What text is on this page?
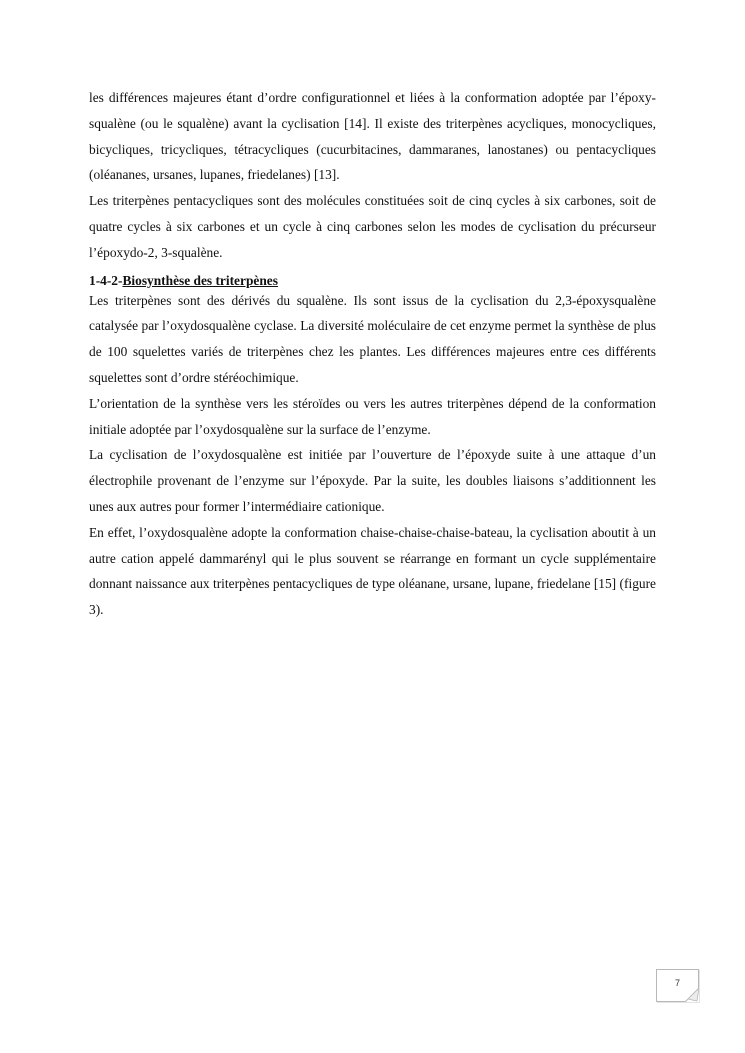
les différences majeures étant d’ordre configurationnel et liées à la conformation adoptée par l’époxy-squalène (ou le squalène) avant la cyclisation [14]. Il existe des triterpènes acycliques, monocycliques, bicycliques, tricycliques, tétracycliques (cucurbitacines, dammaranes, lanostanes) ou pentacycliques (oléananes, ursanes, lupanes, friedelanes) [13].

Les triterpènes pentacycliques sont des molécules constituées soit de cinq cycles à six carbones, soit de quatre cycles à six carbones et un cycle à cinq carbones selon les modes de cyclisation du précurseur l’époxydo-2, 3-squalène.

1-4-2-Biosynthèse des triterpènes

Les triterpènes sont des dérivés du squalène. Ils sont issus de la cyclisation du 2,3-époxysqualène catalysée par l’oxydosqualène cyclase. La diversité moléculaire de cet enzyme permet la synthèse de plus de 100 squelettes variés de triterpènes chez les plantes. Les différences majeures entre ces différents squelettes sont d’ordre stéréochimique.

L’orientation de la synthèse vers les stéroïdes ou vers les autres triterpènes dépend de la conformation initiale adoptée par l’oxydosqualène sur la surface de l’enzyme.

La cyclisation de l’oxydosqualène est initiée par l’ouverture de l’époxyde suite à une attaque d’un électrophile provenant de l’enzyme sur l’époxyde. Par la suite, les doubles liaisons s’additionnent les unes aux autres pour former l’intermédiaire cationique.

En effet, l’oxydosqualène adopte la conformation chaise-chaise-chaise-bateau, la cyclisation aboutit à un autre cation appelé dammarényl qui le plus souvent se réarrange en formant un cycle supplémentaire donnant naissance aux triterpènes pentacycliques de type oléanane, ursane, lupane, friedelane [15] (figure 3).

7
